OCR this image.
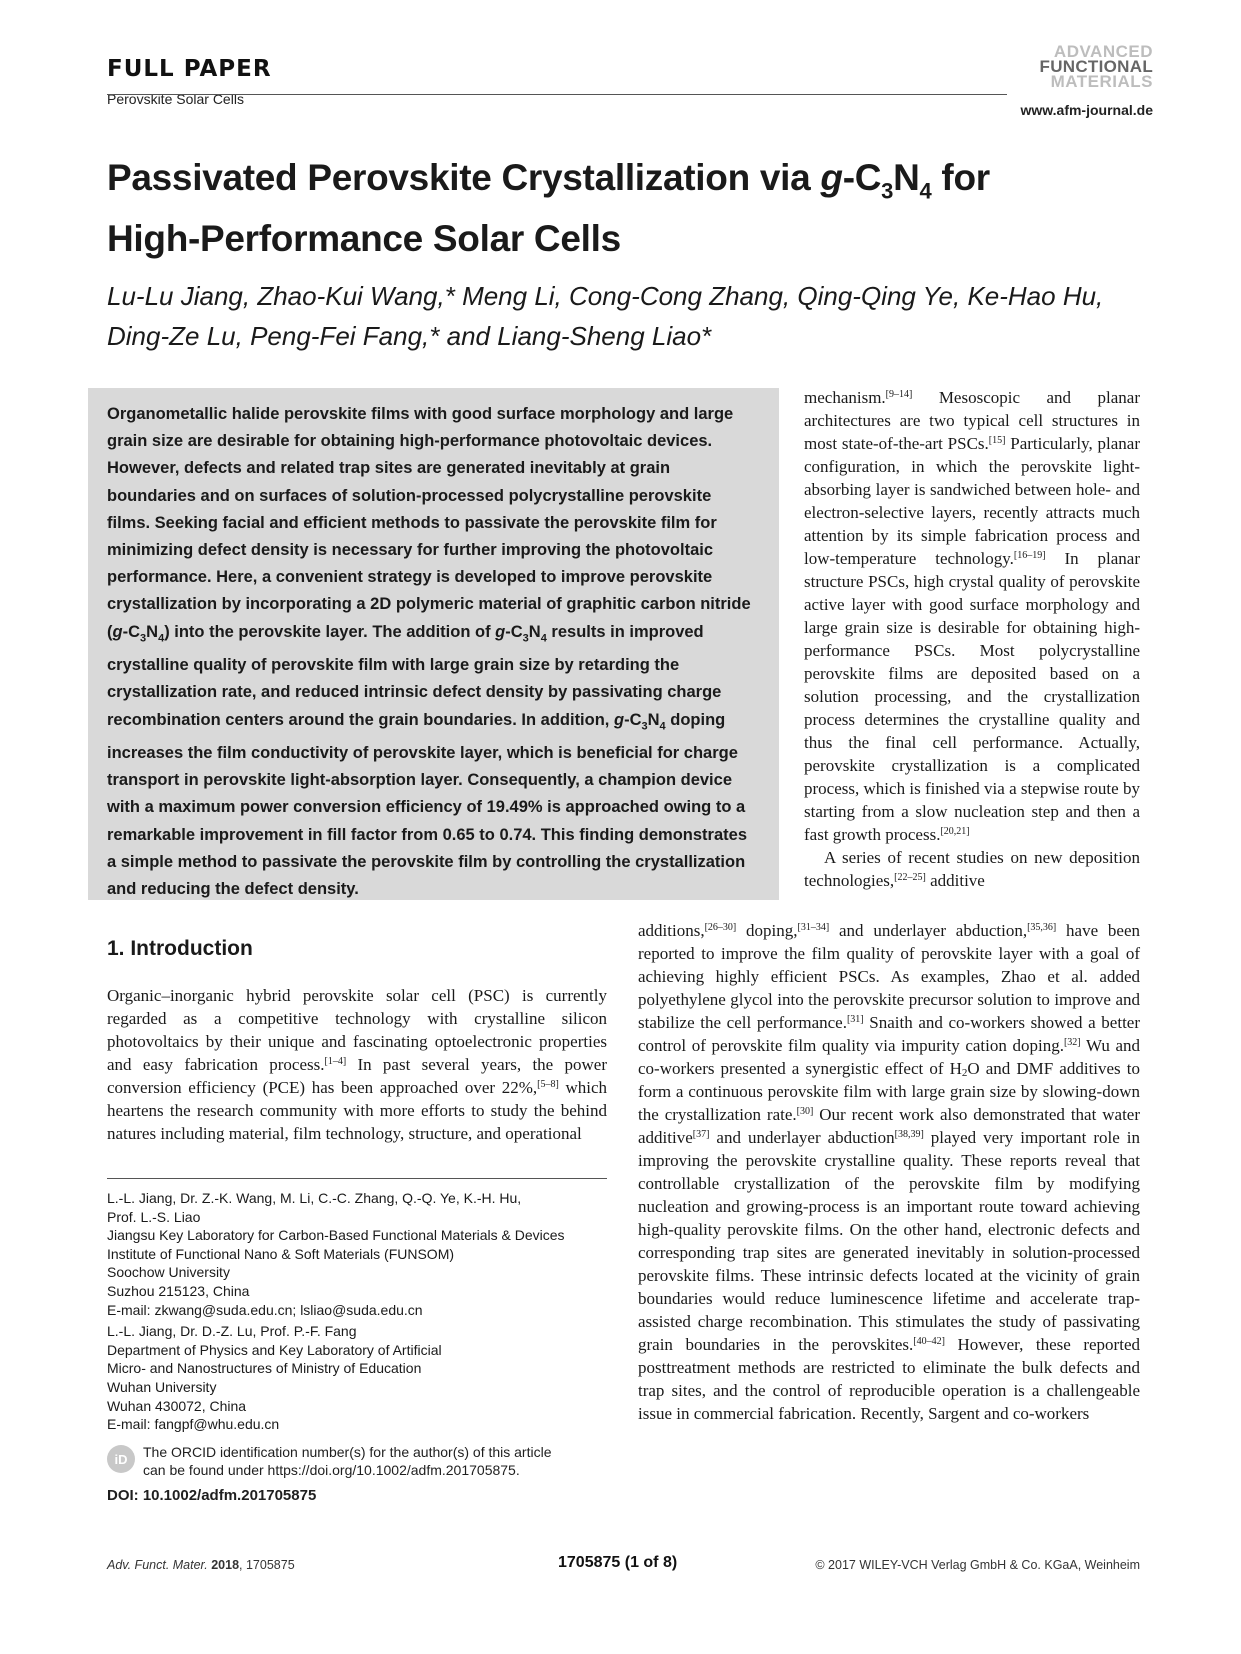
FULL PAPER
Perovskite Solar Cells
ADVANCED
FUNCTIONAL
MATERIALS
www.afm-journal.de
Passivated Perovskite Crystallization via $g-C_3N_4$ for
High-Performance Solar Cells
Lu-Lu Jiang, Zhao-Kui Wang,* Meng Li, Cong-Cong Zhang, Qing-Qing Ye, Ke-Hao Hu,
Ding-Ze Lu, Peng-Fei Fang,* and Liang-Sheng Liao*

Organometallic halide perovskite films with good surface morphology and large grain size are desirable for obtaining high-performance photovoltaic devices. However, defects and related trap sites are generated inevitably at grain boundaries and on surfaces of solution-processed polycrystalline perovskite films. Seeking facial and efficient methods to passivate the perovskite film for minimizing defect density is necessary for further improving the photovoltaic performance. Here, a convenient strategy is developed to improve perovskite crystallization by incorporating a 2D polymeric material of graphitic carbon nitride $(g-C_3N_4)$ into the perovskite layer. The addition of $g-C_3N_4$ results in improved crystalline quality of perovskite film with large grain size by retarding the crystallization rate, and reduced intrinsic defect density by passivating charge recombination centers around the grain boundaries. In addition, $g-C_3N_4$ doping increases the film conductivity of perovskite layer, which is beneficial for charge transport in perovskite light-absorption layer. Consequently, a champion device with a maximum power conversion efficiency of 19.49% is approached owing to a remarkable improvement in fill factor from 0.65 to 0.74. This finding demonstrates a simple method to passivate the perovskite film by controlling the crystallization and reducing the defect density.

mechanism.[9–14] Mesoscopic and planar architectures are two typical cell structures in most state-of-the-art PSCs.[15] Particularly, planar configuration, in which the perovskite light-absorbing layer is sandwiched between hole- and electron-selective layers, recently attracts much attention by its simple fabrication process and low-temperature technology.[16–19] In planar structure PSCs, high crystal quality of perovskite active layer with good surface morphology and large grain size is desirable for obtaining high-performance PSCs. Most polycrystalline perovskite films are deposited based on a solution processing, and the crystallization process determines the crystalline quality and thus the final cell performance. Actually, perovskite crystallization is a complicated process, which is finished via a stepwise route by starting from a slow nucleation step and then a fast growth process.[20,21]

A series of recent studies on new deposition technologies,[22–25] additive

1. Introduction

Organic–inorganic hybrid perovskite solar cell (PSC) is currently regarded as a competitive technology with crystalline silicon photovoltaics by their unique and fascinating optoelectronic properties and easy fabrication process.[1–4] In past several years, the power conversion efficiency (PCE) has been approached over 22%,[5–8] which heartens the research community with more efforts to study the behind natures including material, film technology, structure, and operational

additions,[26–30] doping,[31–34] and underlayer abduction,[35,36] have been reported to improve the film quality of perovskite layer with a goal of achieving highly efficient PSCs. As examples, Zhao et al. added polyethylene glycol into the perovskite precursor solution to improve and stabilize the cell performance.[31] Snaith and co-workers showed a better control of perovskite film quality via impurity cation doping.[32] Wu and co-workers presented a synergistic effect of $H_2O$ and DMF additives to form a continuous perovskite film with large grain size by slowing-down the crystallization rate.[30] Our recent work also demonstrated that water additive[37] and underlayer abduction[38,39] played very important role in improving the perovskite crystalline quality. These reports reveal that controllable crystallization of the perovskite film by modifying nucleation and growing-process is an important route toward achieving high-quality perovskite films. On the other hand, electronic defects and corresponding trap sites are generated inevitably in solution-processed perovskite films. These intrinsic defects located at the vicinity of grain boundaries would reduce luminescence lifetime and accelerate trap-assisted charge recombination. This stimulates the study of passivating grain boundaries in the perovskites.[40–42] However, these reported posttreatment methods are restricted to eliminate the bulk defects and trap sites, and the control of reproducible operation is a challengeable issue in commercial fabrication. Recently, Sargent and co-workers

L.-L. Jiang, Dr. Z.-K. Wang, M. Li, C.-C. Zhang, Q.-Q. Ye, K.-H. Hu,
Prof. L.-S. Liao
Jiangsu Key Laboratory for Carbon-Based Functional Materials & Devices
Institute of Functional Nano & Soft Materials (FUNSOM)
Soochow University
Suzhou 215123, China
E-mail: zkwang@suda.edu.cn; lsliao@suda.edu.cn
L.-L. Jiang, Dr. D.-Z. Lu, Prof. P.-F. Fang
Department of Physics and Key Laboratory of Artificial
Micro- and Nanostructures of Ministry of Education
Wuhan University
Wuhan 430072, China
E-mail: fangpf@whu.edu.cn
iD	The ORCID identification number(s) for the author(s) of this article
can be found under https://doi.org/10.1002/adfm.201705875.
DOI: 10.1002/adfm.201705875
Adv. Funct. Mater. 2018, 1705875	1705875 (1 of 8)	© 2017 WILEY-VCH Verlag GmbH & Co. KGaA, Weinheim
